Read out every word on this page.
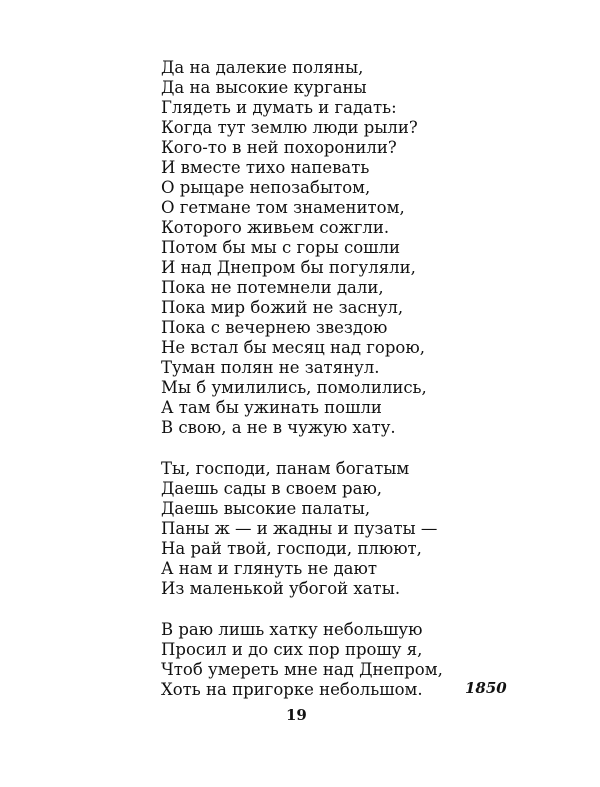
Да на далекие поляны,
Да на высокие курганы
Глядеть и думать и гадать:
Когда тут землю люди рыли?
Кого-то в ней похоронили?
И вместе тихо напевать
О рыцаре непозабытом,
О гетмане том знаменитом,
Которого живьем сожгли.
Потом бы мы с горы сошли
И над Днепром бы погуляли,
Пока не потемнели дали,
Пока мир божий не заснул,
Пока с вечернею звездою
Не встал бы месяц над горою,
Туман полян не затянул.
Мы б умилились, помолились,
А там бы ужинать пошли
В свою, а не в чужую хату.
Ты, господи, панам богатым
Даешь сады в своем раю,
Даешь высокие палаты,
Паны ж — и жадны и пузаты —
На рай твой, господи, плюют,
А нам и глянуть не дают
Из маленькой убогой хаты.
В раю лишь хатку небольшую
Просил и до сих пор прошу я,
Чтоб умереть мне над Днепром,
Хоть на пригорке небольшом.	1850
19
